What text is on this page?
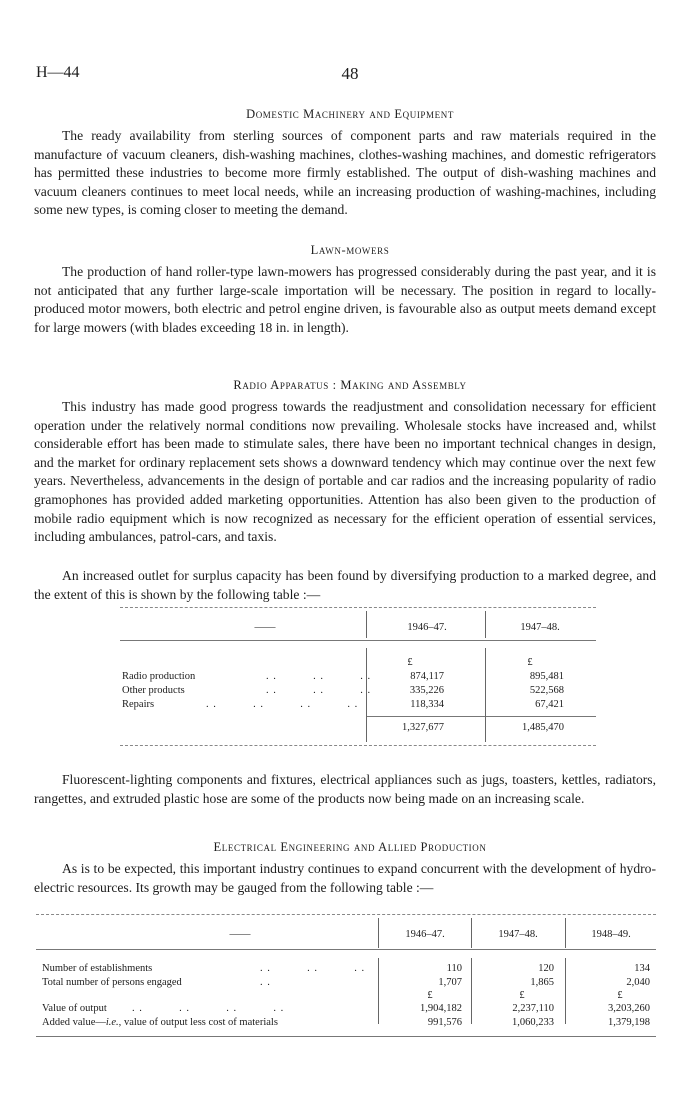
H—44	48
Domestic Machinery and Equipment

The ready availability from sterling sources of component parts and raw materials required in the manufacture of vacuum cleaners, dish-washing machines, clothes-washing machines, and domestic refrigerators has permitted these industries to become more firmly established. The output of dish-washing machines and vacuum cleaners continues to meet local needs, while an increasing production of washing-machines, including some new types, is coming closer to meeting the demand.

Lawn-mowers

The production of hand roller-type lawn-mowers has progressed considerably during the past year, and it is not anticipated that any further large-scale importation will be necessary. The position in regard to locally-produced motor mowers, both electric and petrol engine driven, is favourable also as output meets demand except for large mowers (with blades exceeding 18 in. in length).

Radio Apparatus : Making and Assembly

This industry has made good progress towards the readjustment and consolidation necessary for efficient operation under the relatively normal conditions now prevailing. Wholesale stocks have increased and, whilst considerable effort has been made to stimulate sales, there have been no important technical changes in design, and the market for ordinary replacement sets shows a downward tendency which may continue over the next few years. Nevertheless, advancements in the design of portable and car radios and the increasing popularity of radio gramophones has provided added marketing opportunities. Attention has also been given to the production of mobile radio equipment which is now recognized as necessary for the efficient operation of essential services, including ambulances, patrol-cars, and taxis.

An increased outlet for surplus capacity has been found by diversifying production to a marked degree, and the extent of this is shown by the following table :—

——	1946–47.	1947–48.
£	£
Radio production	. .          . .          . .	874,117	895,481
Other products	. .          . .          . .	335,226	522,568
Repairs	. .          . .          . .          . .	118,334	67,421
1,327,677	1,485,470

Fluorescent-lighting components and fixtures, electrical appliances such as jugs, toasters, kettles, radiators, rangettes, and extruded plastic hose are some of the products now being made on an increasing scale.

Electrical Engineering and Allied Production

As is to be expected, this important industry continues to expand concurrent with the development of hydro-electric resources. Its growth may be gauged from the following table :—

——	1946–47.	1947–48.	1948–49.
Number of establishments	. .          . .          . .	110	120	134
Total number of persons engaged	. .	1,707	1,865	2,040
£	£	£
Value of output . .          . .          . .          . .	1,904,182	2,237,110	3,203,260
Added value—i.e., value of output less cost of materials	991,576	1,060,233	1,379,198
